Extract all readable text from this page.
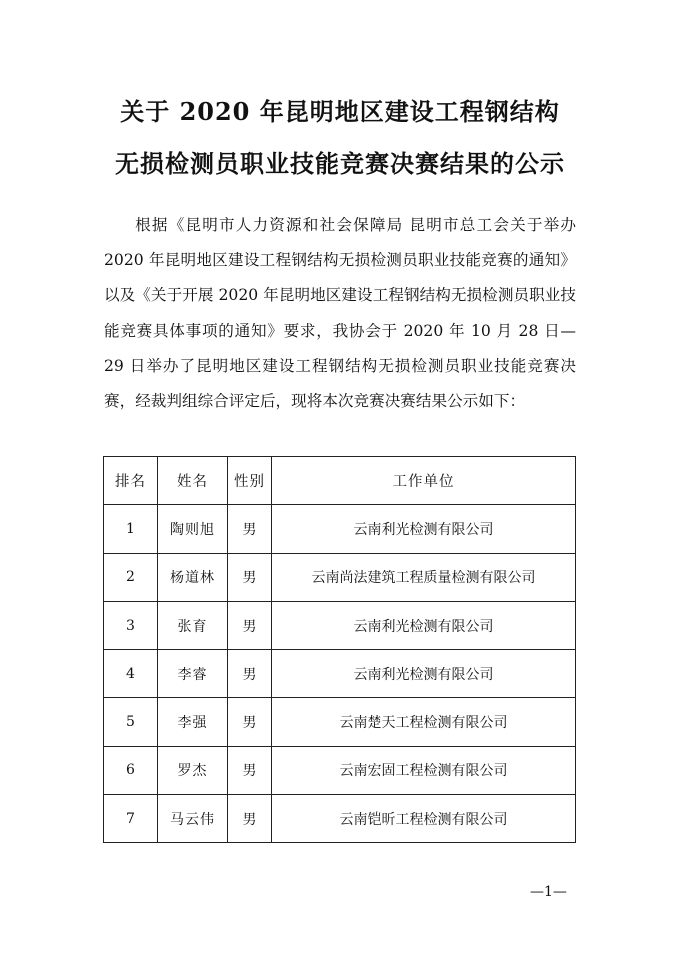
关于 2020 年昆明地区建设工程钢结构
无损检测员职业技能竞赛决赛结果的公示
根据《昆明市人力资源和社会保障局 昆明市总工会关于举办 2020 年昆明地区建设工程钢结构无损检测员职业技能竞赛的通知》以及《关于开展 2020 年昆明地区建设工程钢结构无损检测员职业技能竞赛具体事项的通知》要求，我协会于 2020 年 10 月 28 日—29 日举办了昆明地区建设工程钢结构无损检测员职业技能竞赛决赛，经裁判组综合评定后，现将本次竞赛决赛结果公示如下：
排名	姓名	性别	工作单位
1	陶则旭	男	云南利光检测有限公司
2	杨道林	男	云南尚法建筑工程质量检测有限公司
3	张育	男	云南利光检测有限公司
4	李睿	男	云南利光检测有限公司
5	李强	男	云南楚天工程检测有限公司
6	罗杰	男	云南宏固工程检测有限公司
7	马云伟	男	云南铠昕工程检测有限公司
—1—
